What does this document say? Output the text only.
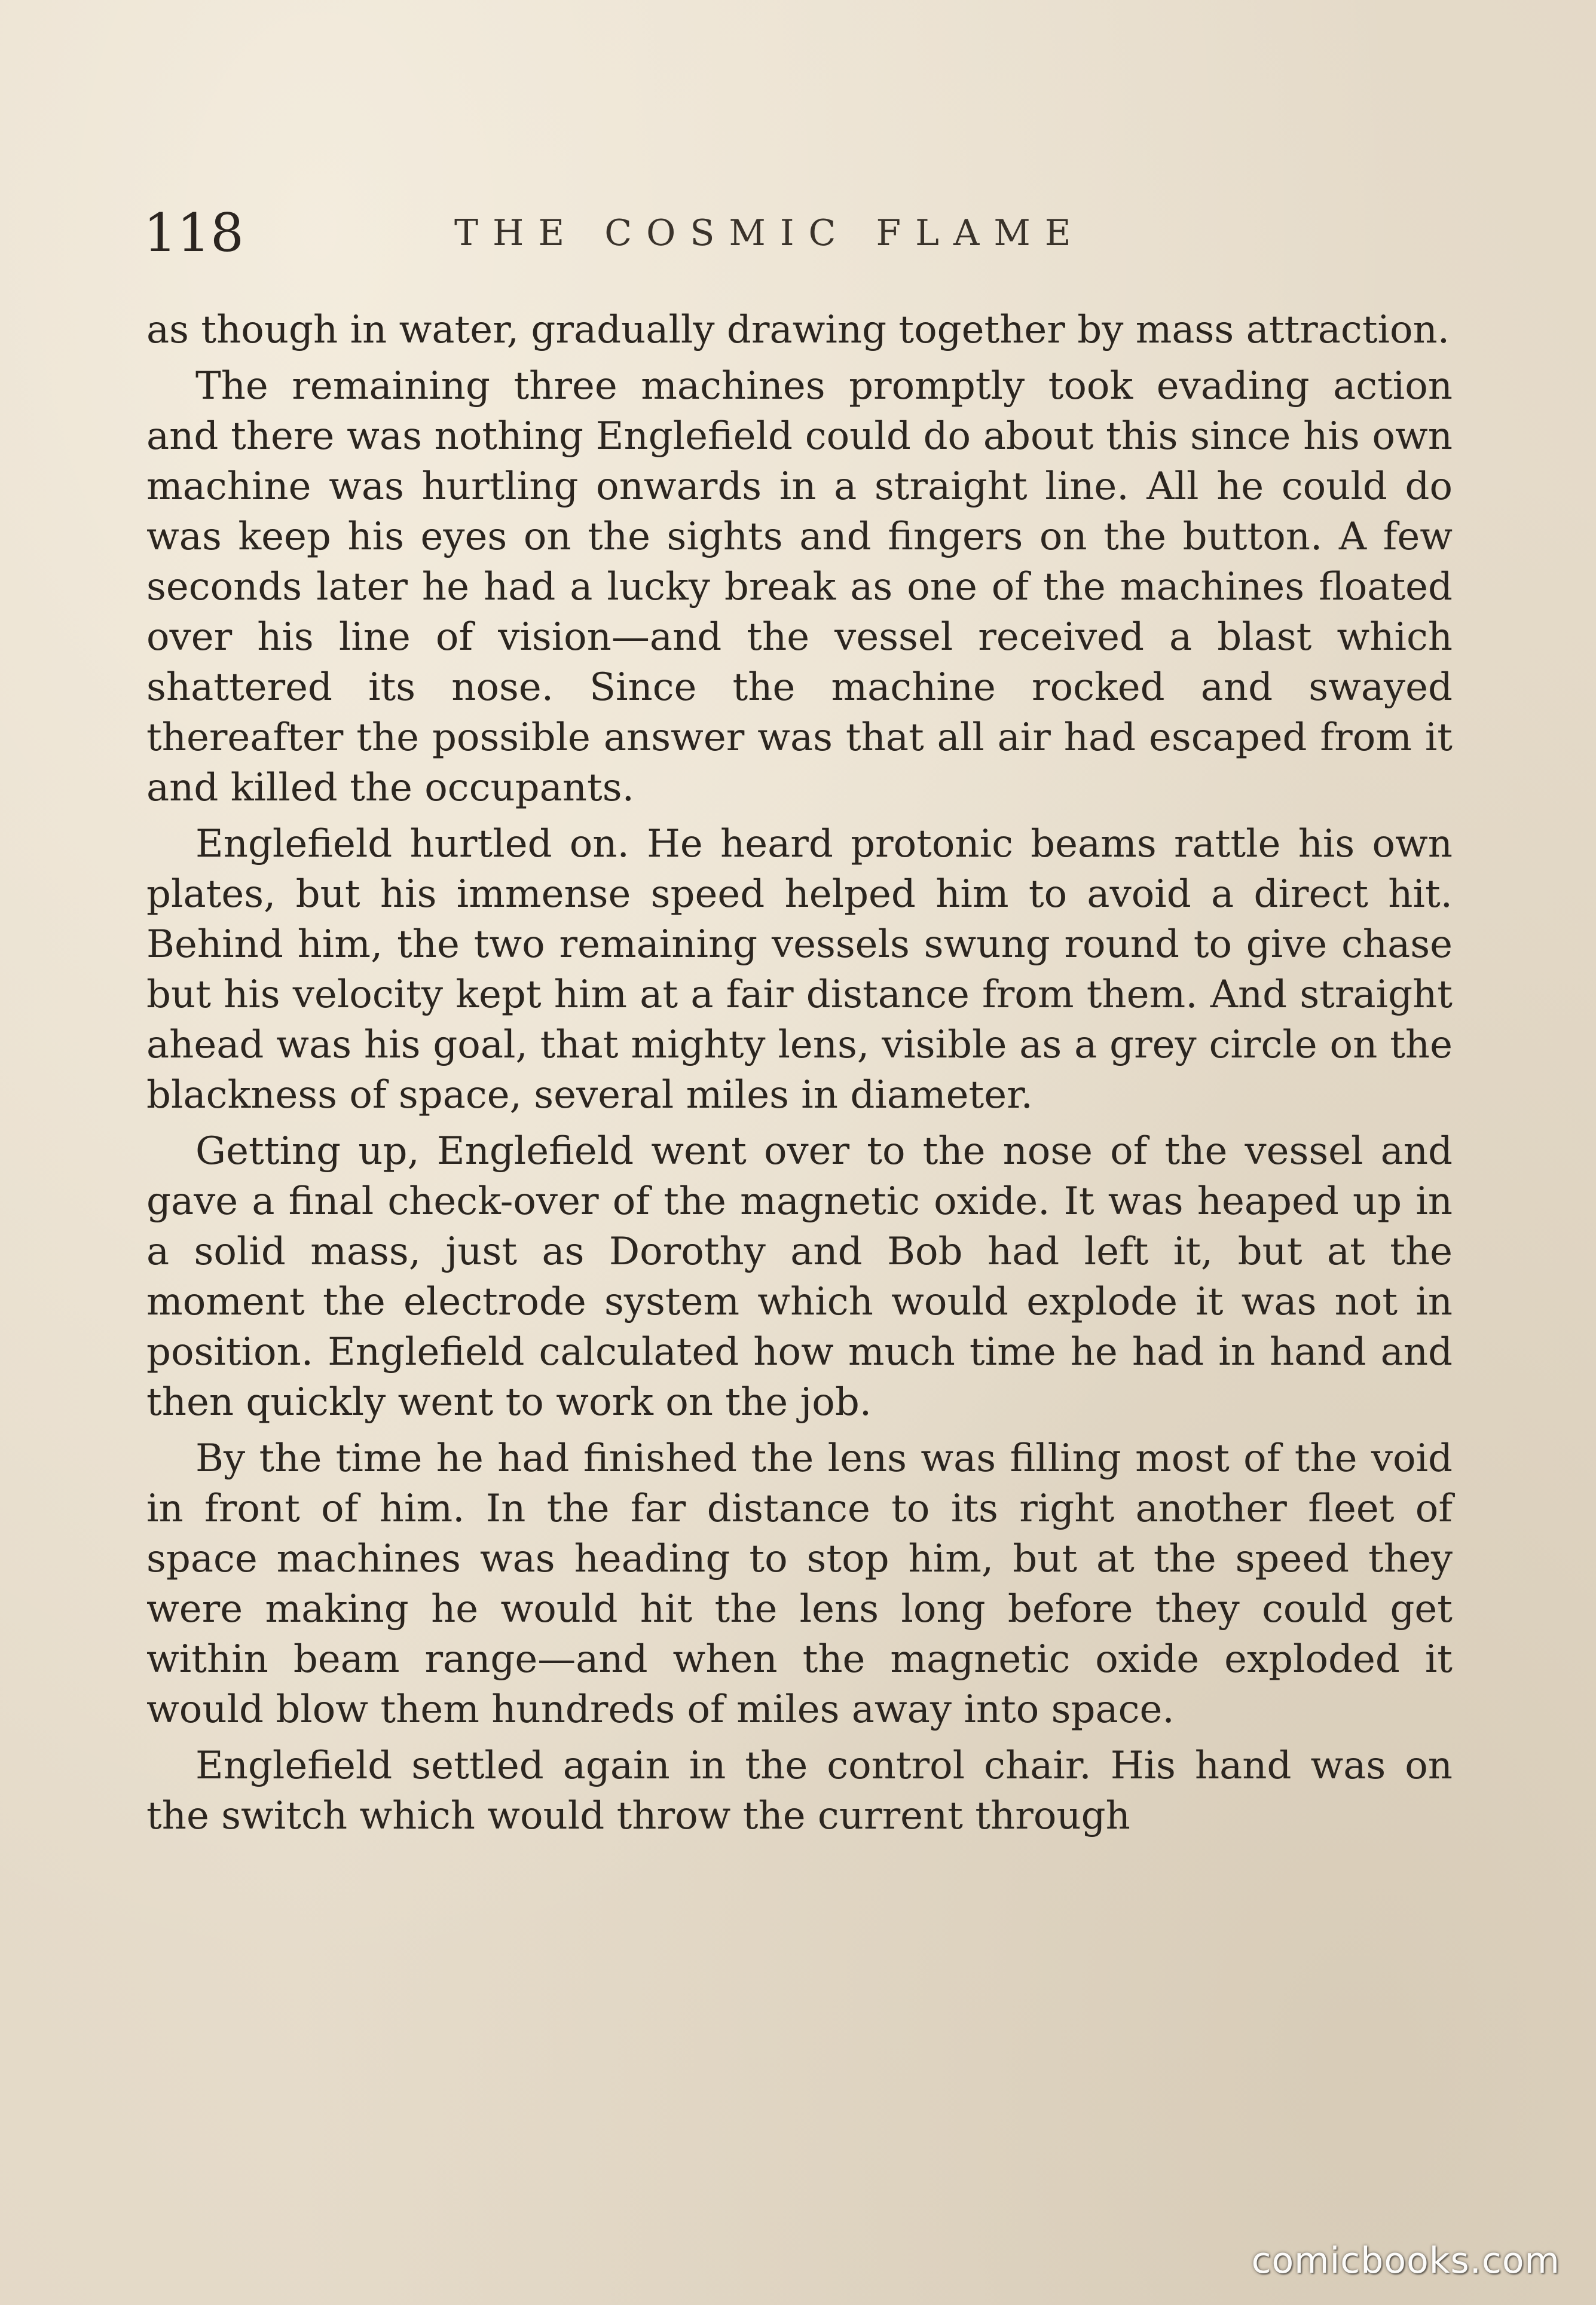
118	THE COSMIC FLAME

as though in water, gradually drawing together by mass attraction.

The remaining three machines promptly took evading action and there was nothing Englefield could do about this since his own machine was hurtling onwards in a straight line. All he could do was keep his eyes on the sights and fingers on the button. A few seconds later he had a lucky break as one of the machines floated over his line of vision—and the vessel received a blast which shattered its nose. Since the machine rocked and swayed thereafter the possible answer was that all air had escaped from it and killed the occupants.

Englefield hurtled on. He heard protonic beams rattle his own plates, but his immense speed helped him to avoid a direct hit. Behind him, the two remaining vessels swung round to give chase but his velocity kept him at a fair distance from them. And straight ahead was his goal, that mighty lens, visible as a grey circle on the blackness of space, several miles in diameter.

Getting up, Englefield went over to the nose of the vessel and gave a final check-over of the magnetic oxide. It was heaped up in a solid mass, just as Dorothy and Bob had left it, but at the moment the electrode system which would explode it was not in position. Englefield calculated how much time he had in hand and then quickly went to work on the job.

By the time he had finished the lens was filling most of the void in front of him. In the far distance to its right another fleet of space machines was heading to stop him, but at the speed they were making he would hit the lens long before they could get within beam range—and when the magnetic oxide exploded it would blow them hundreds of miles away into space.

Englefield settled again in the control chair. His hand was on the switch which would throw the current through

comicbooks.com
